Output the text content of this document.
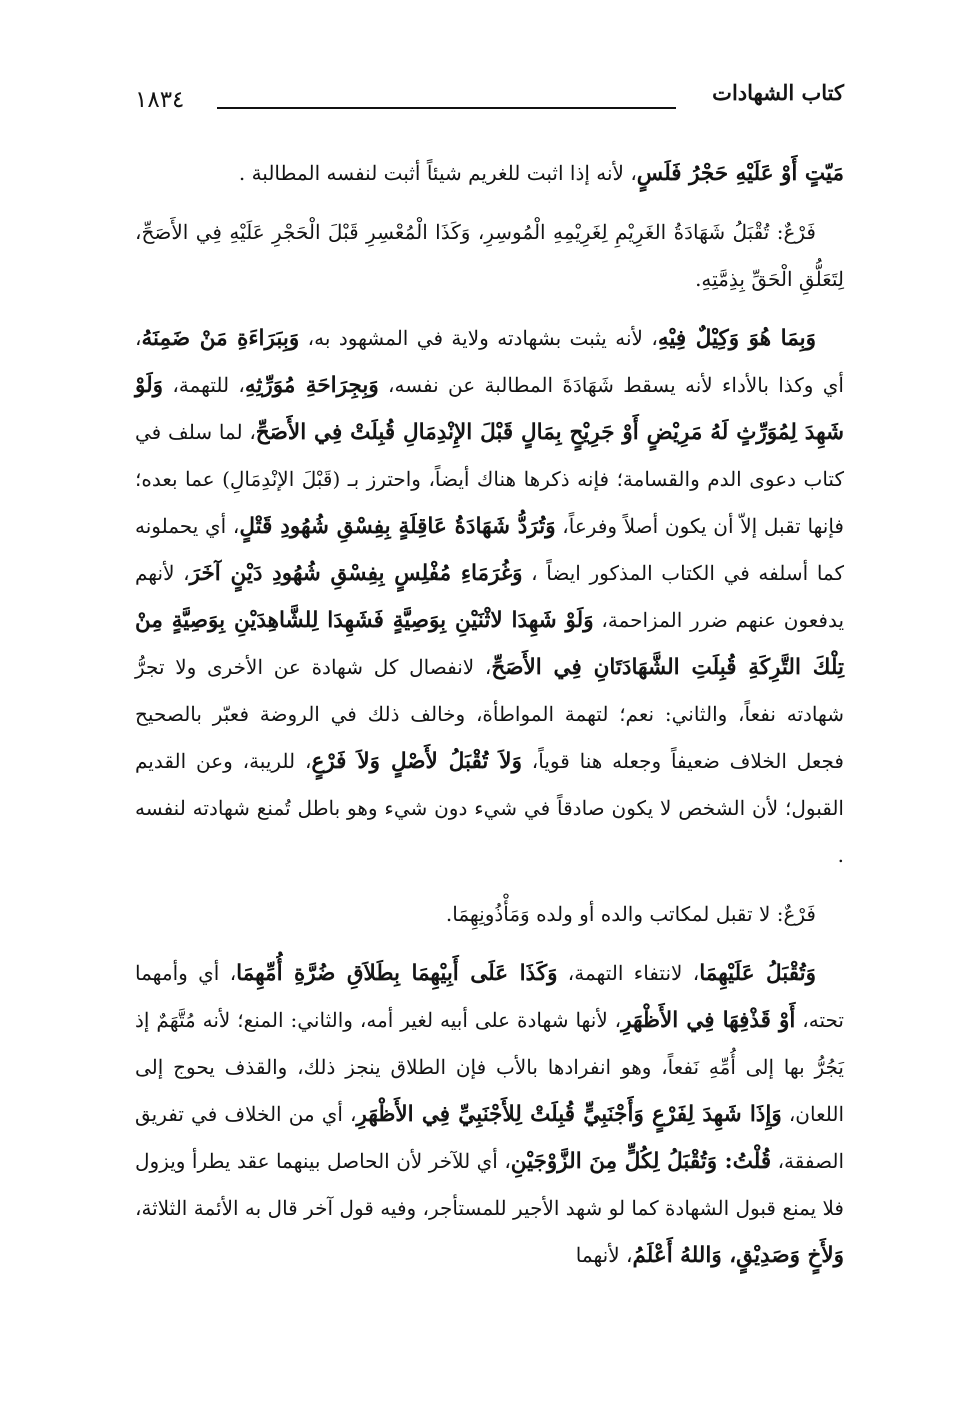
كتاب الشهادات
١٨٣٤

مَيّتٍ أَوْ عَلَيْهِ حَجْرُ فَلَسٍ، لأنه إذا اثبت للغريم شيئاً أثبت لنفسه المطالبة .

فَرْعٌ: تُقْبَلُ شَهَادَةُ الغَرِيْمِ لِغَرِيْمِهِ الْمُوسِرِ، وَكَذَا الْمُعْسِرِ قَبْلَ الْحَجْرِ عَلَيْهِ فِي الأَصَحِّ، لِتَعَلُّقِ الْحَقِّ بِذِمَّتِهِ.

وَبِمَا هُوَ وَكِيْلٌ فِيْهِ، لأنه يثبت بشهادته ولاية في المشهود به، وَبِبَرَاءَةِ مَنْ ضَمِنَهُ، أي وكذا بالأداء لأنه يسقط شَهَادَةَ المطالبة عن نفسه، وَبِجِرَاحَةِ مُوَرِّثِهِ، للتهمة، وَلَوْ شَهِدَ لِمُوَرِّثٍ لَهُ مَرِيْضٍ أَوْ جَرِيْحٍ بِمَالٍ قَبْلَ الإِنْدِمَالِ قُبِلَتْ فِي الأَصَحِّ، لما سلف في كتاب دعوى الدم والقسامة؛ فإنه ذكرها هناك أيضاً، واحترز بـ (قَبْلَ الإنْدِمَالِ) عما بعده؛ فإنها تقبل إلاّ أن يكون أصلاً وفرعاً، وَتُرَدُّ شَهَادَةُ عَاقِلَةٍ بِفِسْقِ شُهُودِ قَتْلٍ، أي يحملونه كما أسلفه في الكتاب المذكور ايضاً ، وَغُرَمَاءِ مُفْلِسٍ بِفِسْقِ شُهُودِ دَيْنٍ آخَرَ، لأنهم يدفعون عنهم ضرر المزاحمة، وَلَوْ شَهِدَا لاثْنَيْنِ بِوَصِيَّةٍ فَشَهِدَا لِلشَّاهِدَيْنِ بِوَصِيَّةٍ مِنْ تِلْكَ التَّرِكَةِ قُبِلَتِ الشَّهَادَتَانِ فِي الأَصَحِّ، لانفصال كل شهادة عن الأخرى ولا تجرُّ شهادته نفعاً، والثاني: نعم؛ لتهمة المواطأة، وخالف ذلك في الروضة فعبّر بالصحيح فجعل الخلاف ضعيفاً وجعله هنا قوياً، وَلاَ تُقْبَلُ لأَصْلٍ وَلاَ فَرْعٍ، للريبة، وعن القديم القبول؛ لأن الشخص لا يكون صادقاً في شيء دون شيء وهو باطل تُمنع شهادته لنفسه .

فَرْعٌ: لا تقبل لمكاتب والده أو ولده وَمَأْذُونِهِمَا.

وَتُقْبَلُ عَلَيْهِمَا، لانتفاء التهمة، وَكَذَا عَلَى أَبِيْهِمَا بِطَلاَقِ ضُرَّةِ أُمِّهِمَا، أي وأمهما تحته، أَوْ قَذْفِهَا فِي الأَظْهَرِ، لأنها شهادة على أبيه لغير أمه، والثاني: المنع؛ لأنه مُتَّهَمٌ إذ يَجُرُّ بها إلى أُمِّهِ نَفعاً، وهو انفرادها بالأب فإن الطلاق ينجز ذلك، والقذف يحوج إلى اللعان، وَإِذَا شَهِدَ لِفَرْعٍ وَأَجْنَبِيٍّ قُبِلَتْ لِلأَجْنَبِيِّ فِي الأَظْهَرِ، أي من الخلاف في تفريق الصفقة، قُلْتُ: وَتُقْبَلُ لِكُلٍّ مِنَ الزَّوْجَيْنِ، أي للآخر لأن الحاصل بينهما عقد يطرأ ويزول فلا يمنع قبول الشهادة كما لو شهد الأجير للمستأجر، وفيه قول آخر قال به الأئمة الثلاثة، وَلأَخٍ وَصَدِيْقٍ، وَاللهُ أَعْلَمُ، لأنهما
